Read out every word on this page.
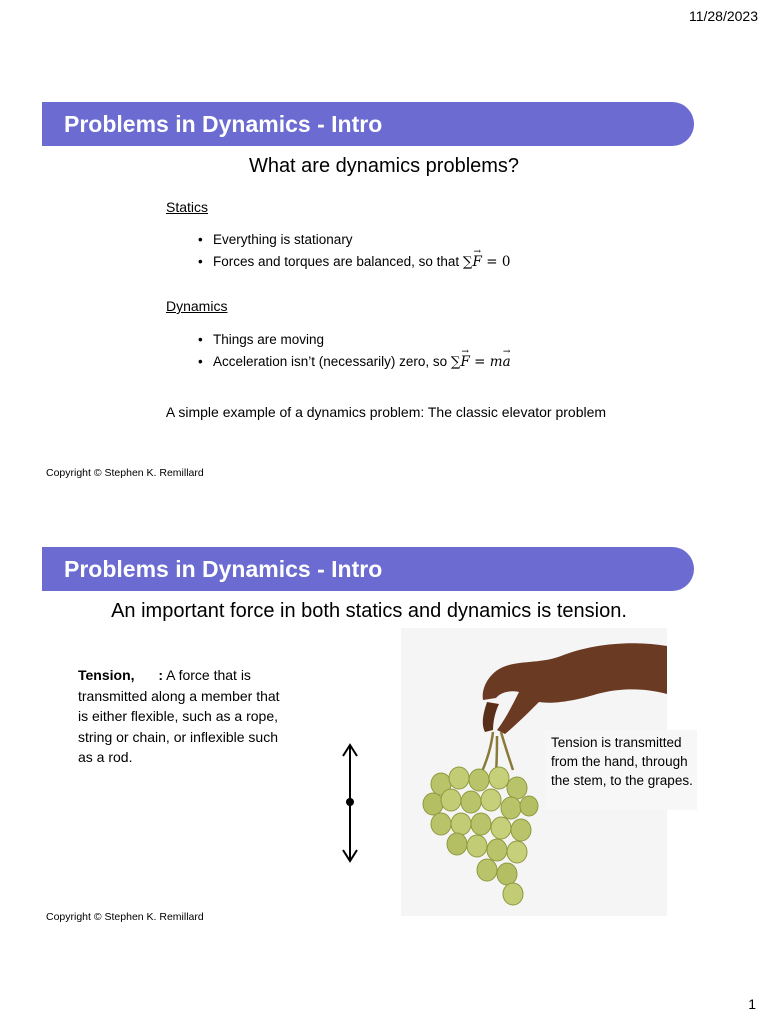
11/28/2023
Problems in Dynamics - Intro
What are dynamics problems?
Statics
• Everything is stationary
• Forces and torques are balanced, so that ∑F → = 0
Dynamics
• Things are moving
• Acceleration isn’t (necessarily) zero, so ∑F → = ma →
A simple example of a dynamics problem: The classic elevator problem
Copyright © Stephen K. Remillard
Problems in Dynamics - Intro
An important force in both statics and dynamics is tension.
Tension, : A force that is transmitted along a member that is either flexible, such as a rope, string or chain, or inflexible such as a rod.
Tension is transmitted from the hand, through the stem, to the grapes.
Copyright © Stephen K. Remillard
1
